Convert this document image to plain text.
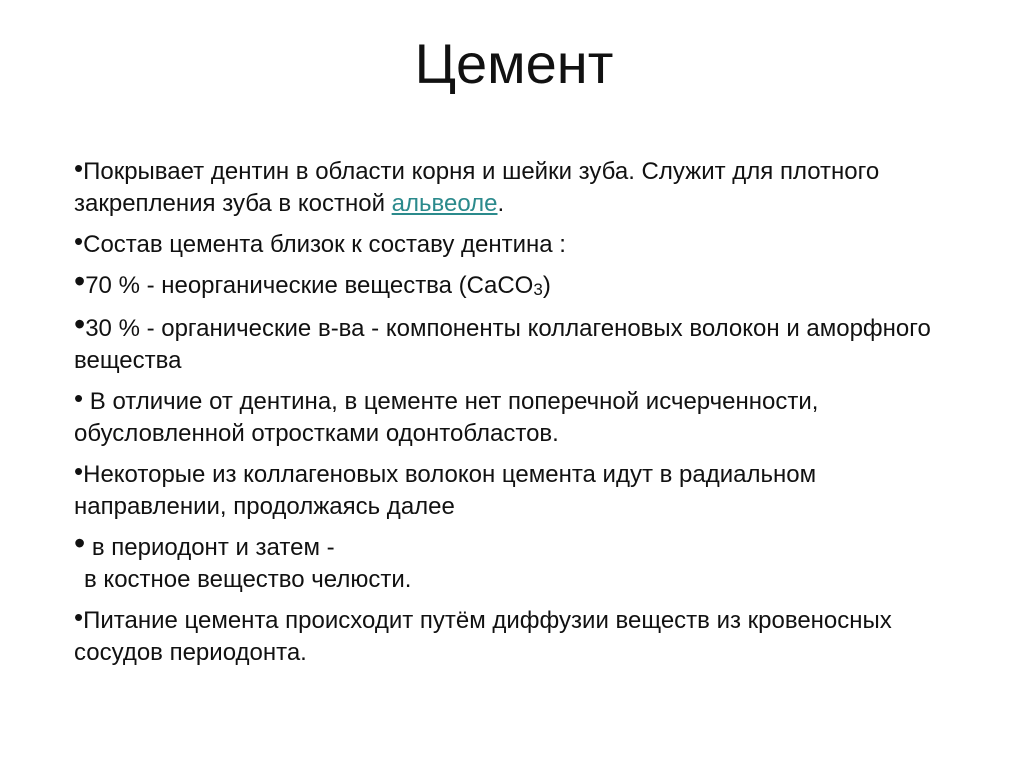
Цемент

•Покрывает дентин в области корня и шейки зуба. Служит для плотного закрепления зуба в костной альвеоле.

•Состав цемента близок к составу дентина :

•70 % - неорганические вещества (CaCO3)

•30 % - органические в-ва - компоненты коллагеновых волокон и аморфного вещества

• В отличие от дентина, в цементе нет поперечной исчерченности, обусловленной отростками одонтобластов.

•Некоторые из коллагеновых волокон цемента идут в радиальном направлении, продолжаясь далее

• в периодонт и затем -
в костное вещество челюсти.

•Питание цемента происходит путём диффузии веществ из кровеносных сосудов периодонта.
